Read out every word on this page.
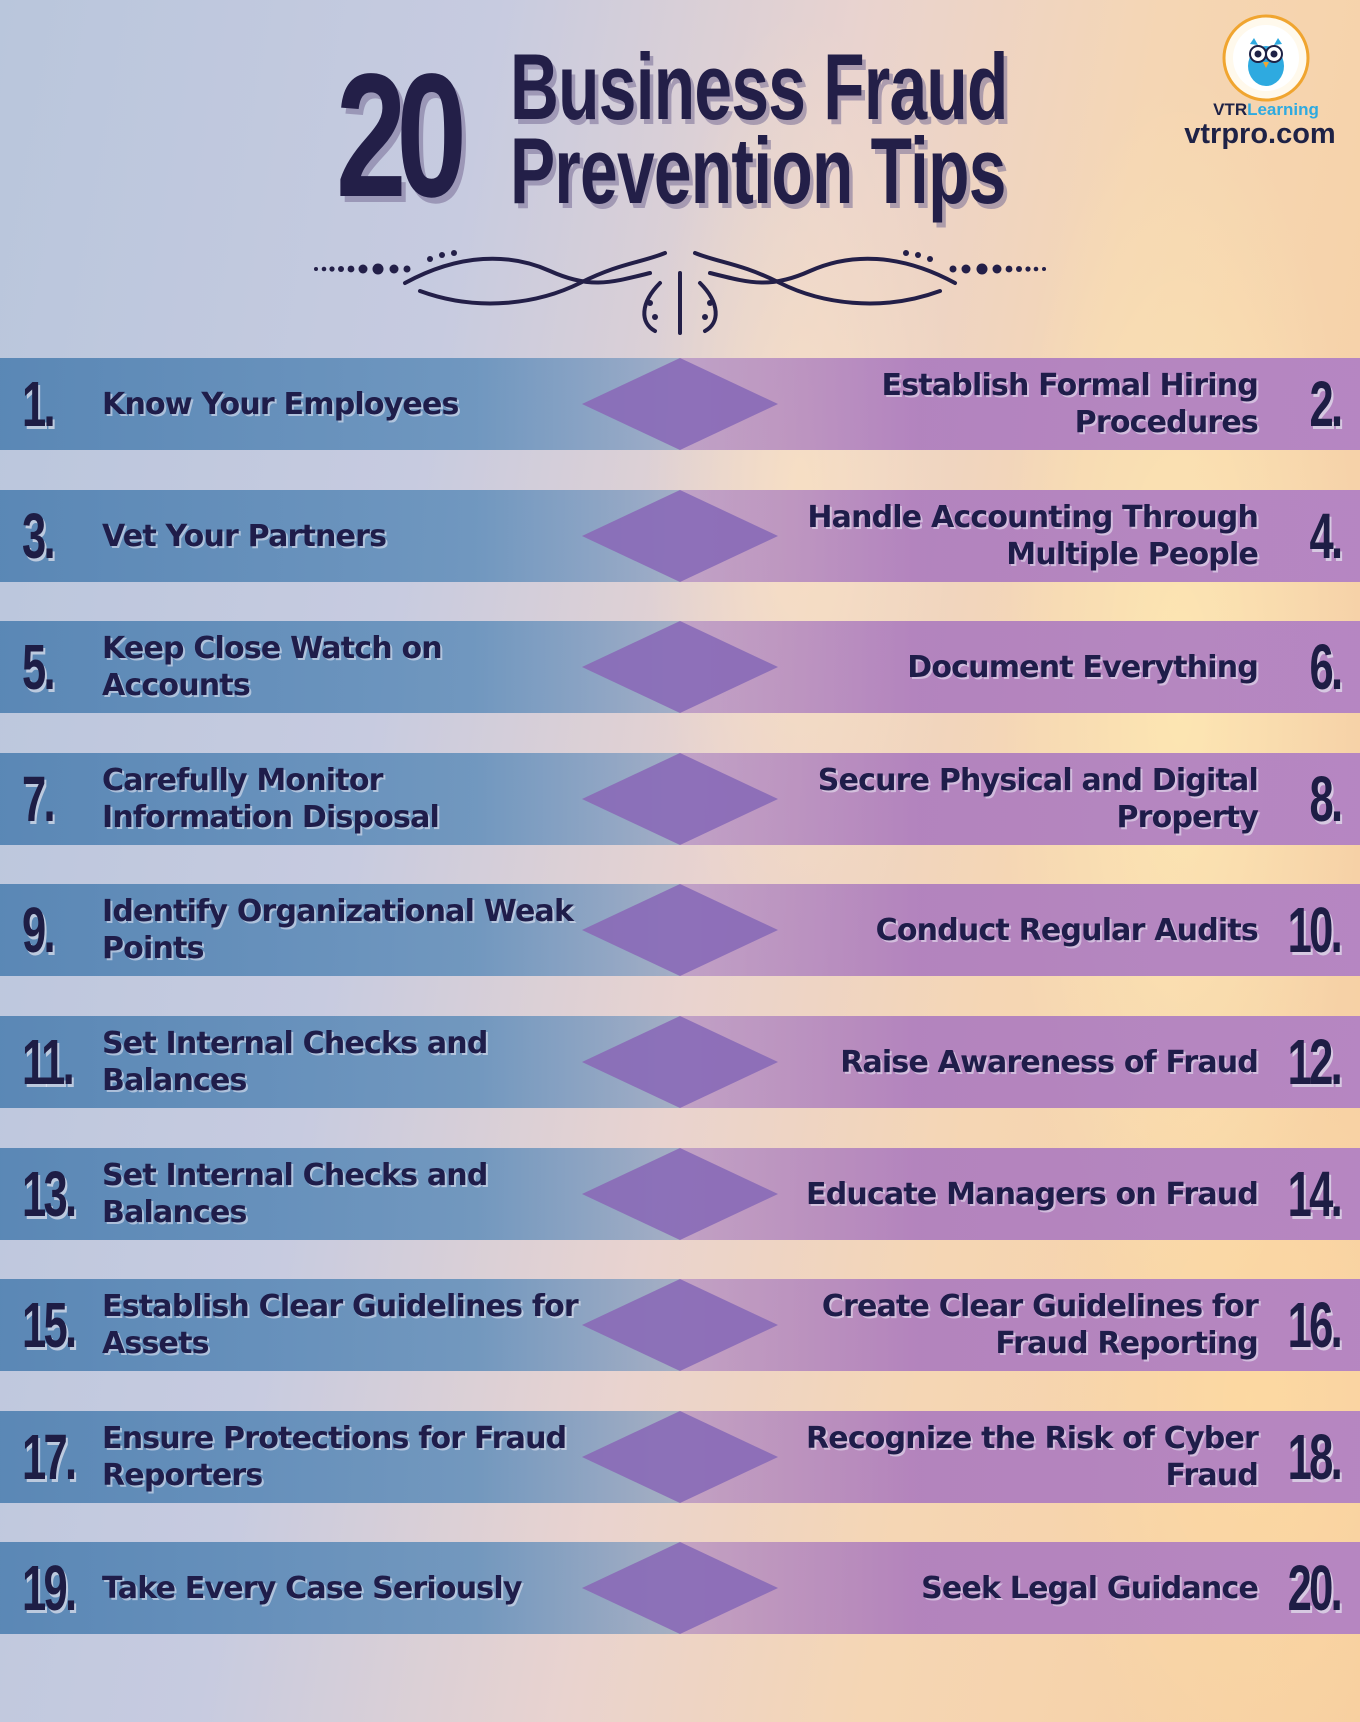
20 Business Fraud
Prevention Tips
VTRLearning
vtrpro.com
1. Know Your Employees
Establish Formal Hiring Procedures 2.
3. Vet Your Partners
Handle Accounting Through Multiple People 4.
5. Keep Close Watch on Accounts
Document Everything 6.
7. Carefully Monitor Information Disposal
Secure Physical and Digital Property 8.
9. Identify Organizational Weak Points
Conduct Regular Audits 10.
11. Set Internal Checks and Balances
Raise Awareness of Fraud 12.
13. Set Internal Checks and Balances
Educate Managers on Fraud 14.
15. Establish Clear Guidelines for Assets
Create Clear Guidelines for Fraud Reporting 16.
17. Ensure Protections for Fraud Reporters
Recognize the Risk of Cyber Fraud 18.
19. Take Every Case Seriously	Seek Legal Guidance 20.
